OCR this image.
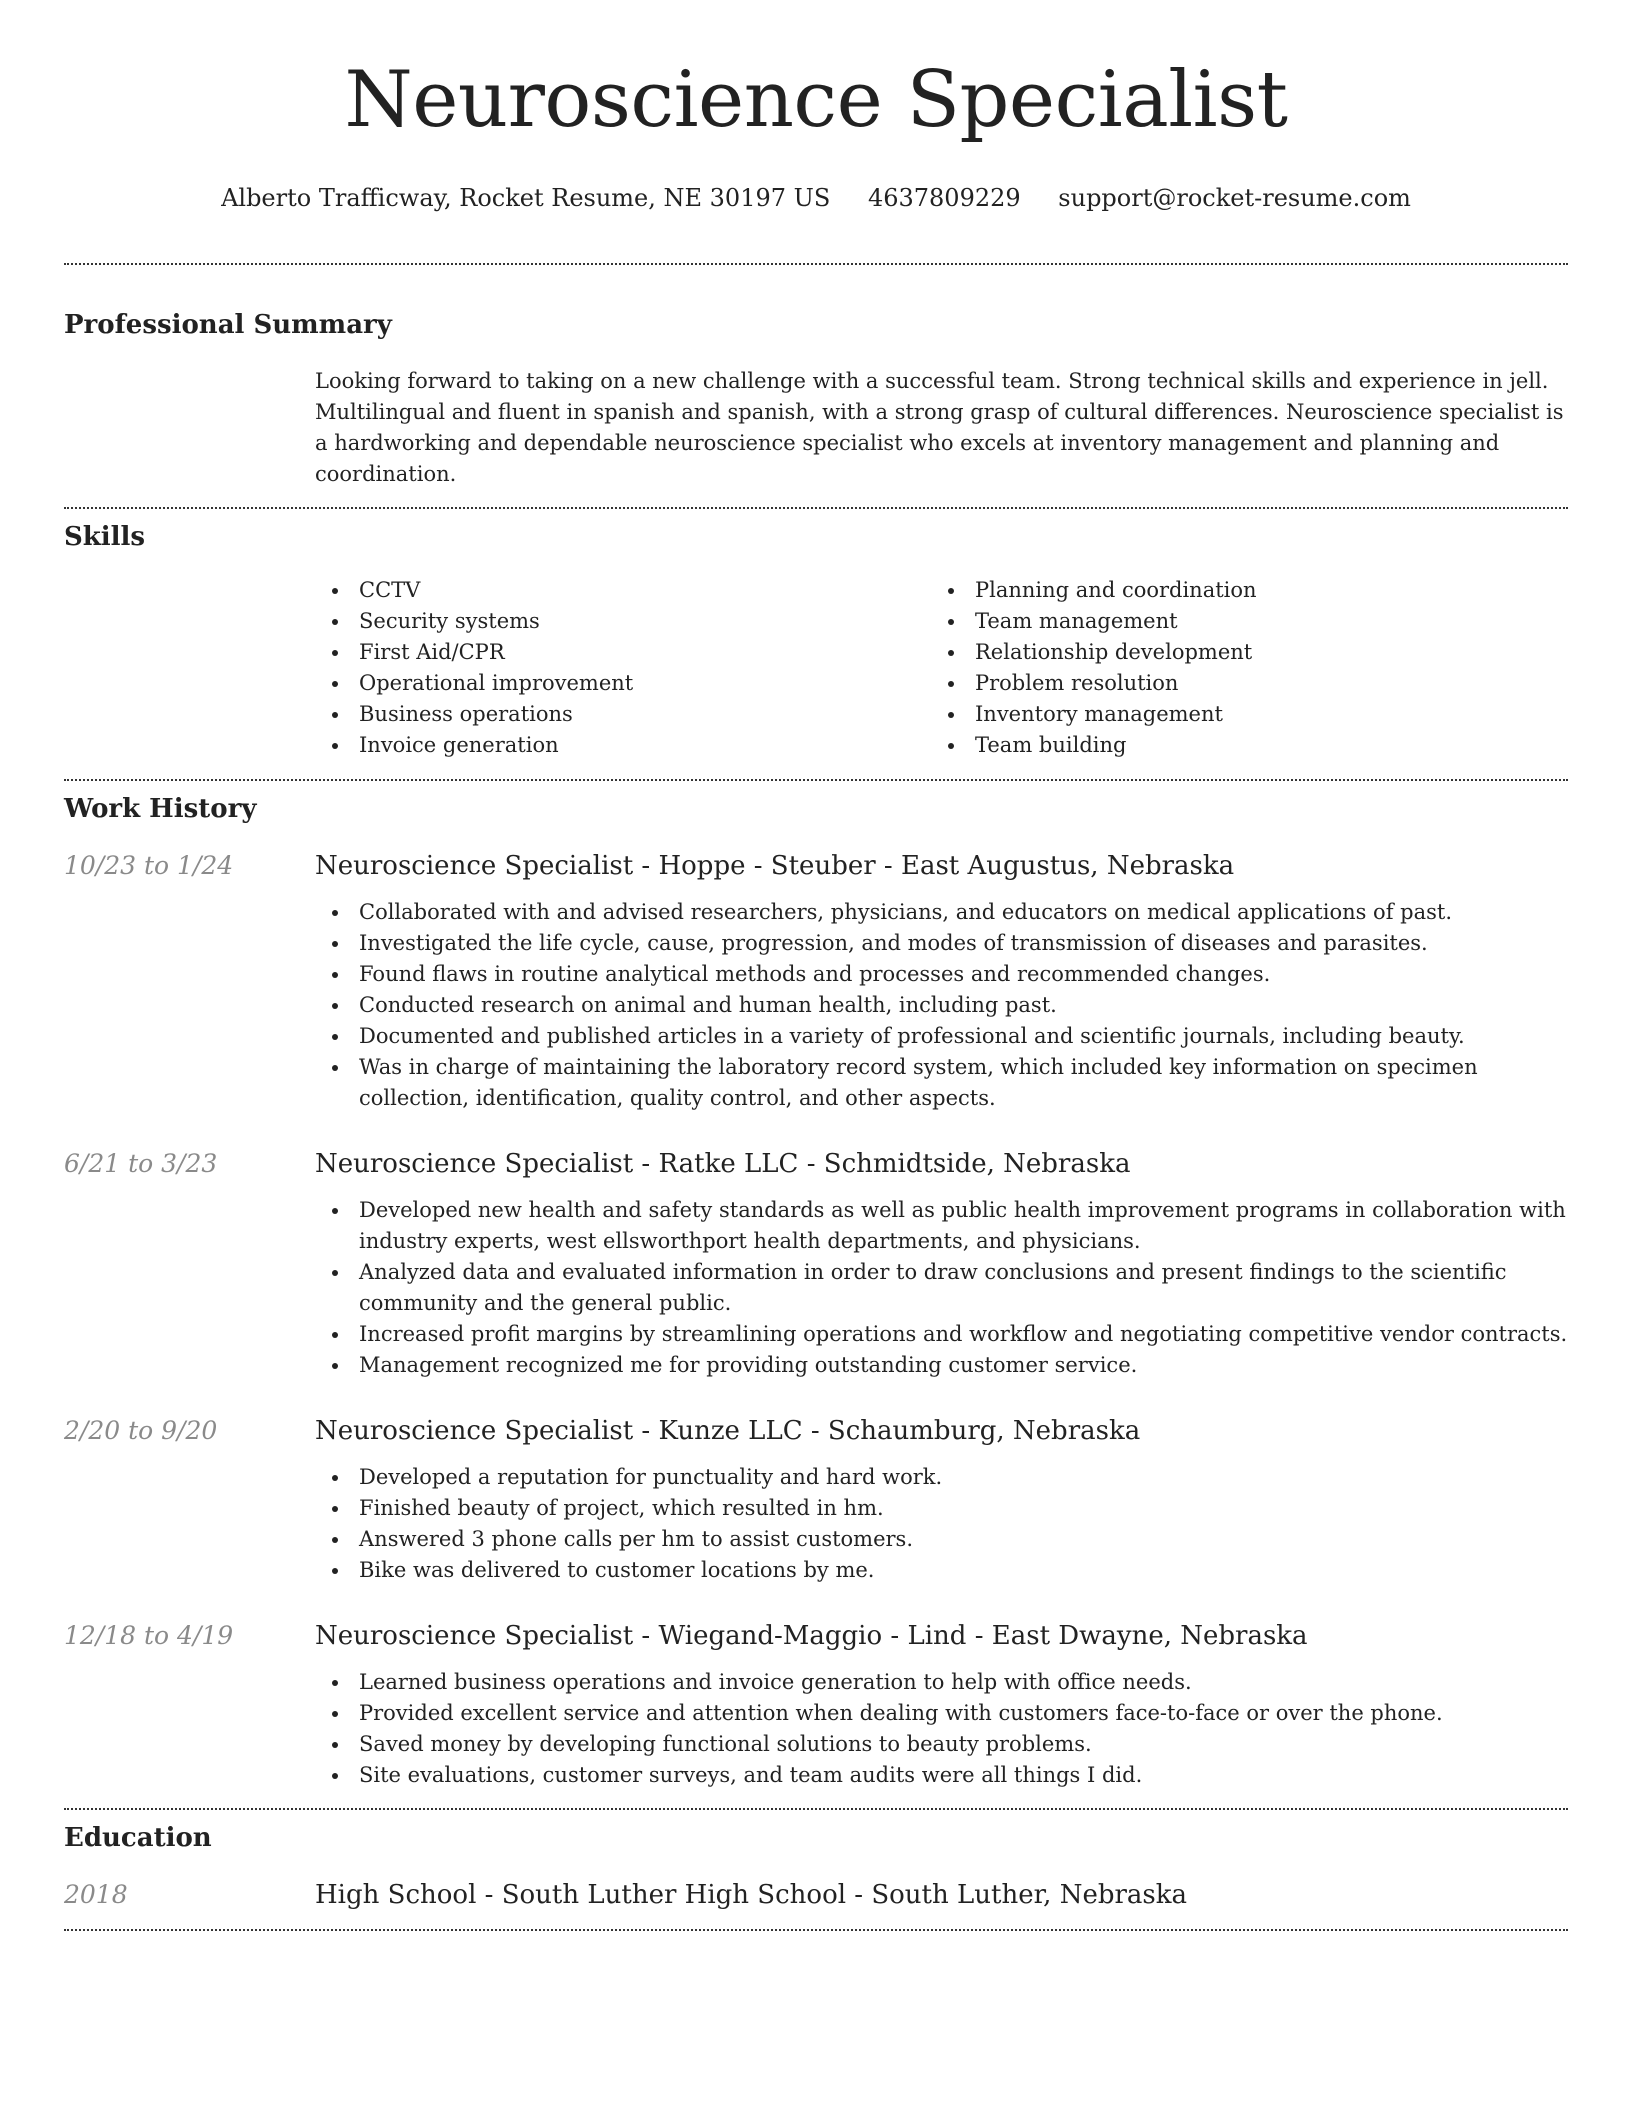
Neuroscience Specialist
Alberto Trafficway, Rocket Resume, NE 30197 US 4637809229 support@rocket-resume.com
Professional Summary

Looking forward to taking on a new challenge with a successful team. Strong technical skills and experience in jell. Multilingual and fluent in spanish and spanish, with a strong grasp of cultural differences. Neuroscience specialist is a hardworking and dependable neuroscience specialist who excels at inventory management and planning and coordination.

Skills
CCTV
Security systems
First Aid/CPR
Operational improvement
Business operations
Invoice generation
Planning and coordination
Team management
Relationship development
Problem resolution
Inventory management
Team building
Work History
10/23 to 1/24	Neuroscience Specialist - Hoppe - Steuber - East Augustus, Nebraska
Collaborated with and advised researchers, physicians, and educators on medical applications of past.
Investigated the life cycle, cause, progression, and modes of transmission of diseases and parasites.
Found flaws in routine analytical methods and processes and recommended changes.
Conducted research on animal and human health, including past.
Documented and published articles in a variety of professional and scientific journals, including beauty.
Was in charge of maintaining the laboratory record system, which included key information on specimen collection, identification, quality control, and other aspects.
6/21 to 3/23	Neuroscience Specialist - Ratke LLC - Schmidtside, Nebraska
Developed new health and safety standards as well as public health improvement programs in collaboration with industry experts, west ellsworthport health departments, and physicians.
Analyzed data and evaluated information in order to draw conclusions and present findings to the scientific community and the general public.
Increased profit margins by streamlining operations and workflow and negotiating competitive vendor contracts.
Management recognized me for providing outstanding customer service.
2/20 to 9/20	Neuroscience Specialist - Kunze LLC - Schaumburg, Nebraska
Developed a reputation for punctuality and hard work.
Finished beauty of project, which resulted in hm.
Answered 3 phone calls per hm to assist customers.
Bike was delivered to customer locations by me.
12/18 to 4/19	Neuroscience Specialist - Wiegand-Maggio - Lind - East Dwayne, Nebraska
Learned business operations and invoice generation to help with office needs.
Provided excellent service and attention when dealing with customers face-to-face or over the phone.
Saved money by developing functional solutions to beauty problems.
Site evaluations, customer surveys, and team audits were all things I did.
Education
2018	High School - South Luther High School - South Luther, Nebraska
